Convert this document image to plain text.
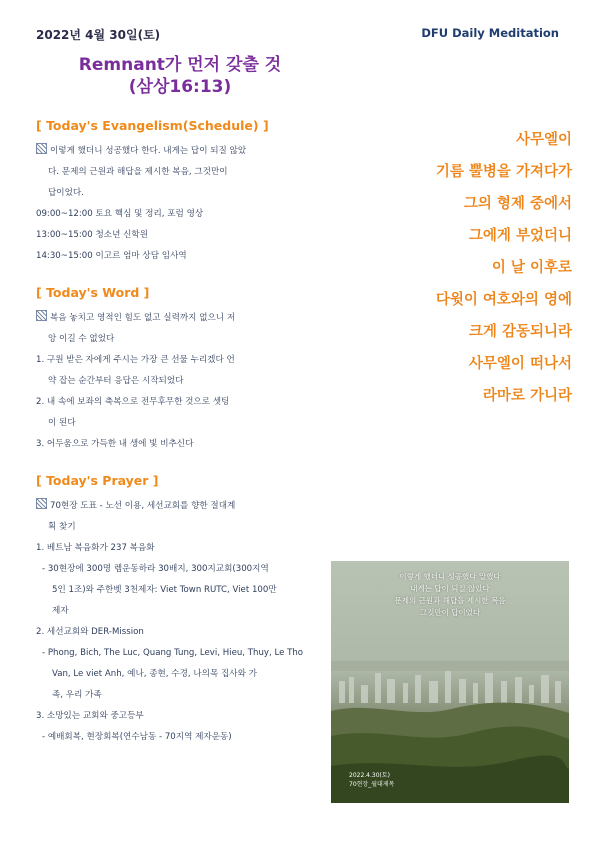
2022년 4월 30일(토)	DFU Daily Meditation
Remnant가 먼저 갖출 것
(삼상16:13)
[ Today's Evangelism(Schedule) ]
이렇게 했더니 성공했다 한다. 내게는 답이 되질 않았
다. 문제의 근원과 해답을 제시한 복음, 그것만이
답이었다.
09:00~12:00 토요 핵심 및 정리, 포럼 영상
13:00~15:00 청소년 신학원
14:30~15:00 이고르 엄마 상담 임사역
[ Today's Word ]
복음 놓치고 영적인 힘도 없고 실력까지 없으니 저
앙 이길 수 없었다
1. 구원 받은 자에게 주시는 가장 큰 선물 누리겠다 언
약 잡는 순간부터 응답은 시작되었다
2. 내 속에 보좌의 축복으로 전무후무한 것으로 셋팅
이 된다
3. 어두움으로 가득한 내 생에 빛 비추신다
[ Today's Prayer ]
70현장 도표 - 노선 이용, 세선교회를 향한 절대계
획 찾기
1. 베트남 복음화가 237 복음화
- 30현장에 300명 렘운동하라 30배지, 300지교회(300지역
5인 1조)와 주한벳 3천제자: Viet Town RUTC, Viet 100만
제자
2. 세선교회와 DER-Mission
- Phong, Bich, The Luc, Quang Tung, Levi, Hieu, Thuy, Le Tho
Van, Le viet Anh, 예나, 종현, 수경, 나의목 집사와 가
족, 우리 가족
3. 소망있는 교회와 중고등부
- 예배회복, 현장회복(연수남동 - 70지역 제자운동)
사무엘이
기름 뿔병을 가져다가
그의 형제 중에서
그에게 부었더니
이 날 이후로
다윗이 여호와의 영에
크게 감동되니라
사무엘이 떠나서
라마로 가니라
이렇게 했더니 성공했다 말했다
내게는 답이 되질 않았다
문제의 근원과 해답을 제시한 복음
그것만이 답이었다
2022.4.30(토)
70현장_월대제목
